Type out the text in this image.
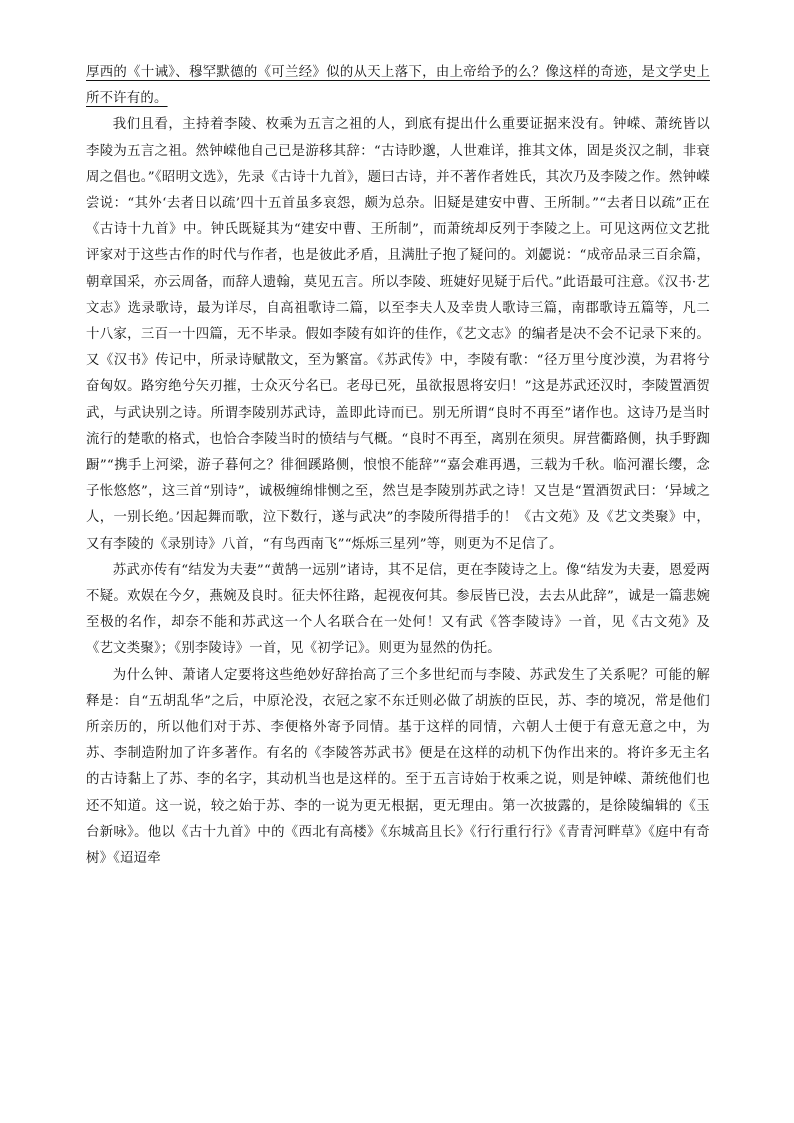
厚西的《十诫》、穆罕默德的《可兰经》似的从天上落下，由上帝给予的么？像这样的奇迹，是文学史上所不许有的。

我们且看，主持着李陵、枚乘为五言之祖的人，到底有提出什么重要证据来没有。钟嵘、萧统皆以李陵为五言之祖。然钟嵘他自己已是游移其辞：“古诗眇邈，人世难详，推其文体，固是炎汉之制，非衰周之倡也。”《昭明文选》，先录《古诗十九首》，题曰古诗，并不著作者姓氏，其次乃及李陵之作。然钟嵘尝说：“其外‘去者日以疏’四十五首虽多哀怨，颇为总杂。旧疑是建安中曹、王所制。”“去者日以疏”正在《古诗十九首》中。钟氏既疑其为“建安中曹、王所制”，而萧统却反列于李陵之上。可见这两位文艺批评家对于这些古作的时代与作者，也是彼此矛盾，且满肚子抱了疑问的。刘勰说：“成帝品录三百余篇，朝章国采，亦云周备，而辞人遗翰，莫见五言。所以李陵、班婕好见疑于后代。”此语最可注意。《汉书·艺文志》选录歌诗，最为详尽，自高祖歌诗二篇，以至李夫人及幸贵人歌诗三篇，南郡歌诗五篇等，凡二十八家，三百一十四篇，无不毕录。假如李陵有如许的佳作，《艺文志》的编者是决不会不记录下来的。又《汉书》传记中，所录诗赋散文，至为繁富。《苏武传》中，李陵有歌：“径万里兮度沙漠，为君将兮奋匈奴。路穷绝兮矢刃摧，士众灭兮名已。老母已死，虽欲报恩将安归！”这是苏武还汉时，李陵置酒贺武，与武诀别之诗。所谓李陵别苏武诗，盖即此诗而已。别无所谓“良时不再至”诸作也。这诗乃是当时流行的楚歌的格式，也恰合李陵当时的愤结与气概。“良时不再至，离别在须臾。屏营衢路侧，执手野踟蹰”“携手上河梁，游子暮何之？徘徊蹊路侧，悢悢不能辞”“嘉会难再遇，三载为千秋。临河濯长缨，念子怅悠悠”，这三首“别诗”，诚极缠绵悱恻之至，然岂是李陵别苏武之诗！又岂是“置酒贺武曰：‘异域之人，一别长绝。’因起舞而歌，泣下数行，遂与武决”的李陵所得措手的！《古文苑》及《艺文类聚》中，又有李陵的《录别诗》八首，“有鸟西南飞”“烁烁三星列”等，则更为不足信了。

苏武亦传有“结发为夫妻”“黄鹄一远别”诸诗，其不足信，更在李陵诗之上。像“结发为夫妻，恩爱两不疑。欢娱在今夕，燕婉及良时。征夫怀往路，起视夜何其。参辰皆已没，去去从此辞”，诚是一篇悲婉至极的名作，却奈不能和苏武这一个人名联合在一处何！又有武《答李陵诗》一首，见《古文苑》及《艺文类聚》；《别李陵诗》一首，见《初学记》。则更为显然的伪托。

为什么钟、萧诸人定要将这些绝妙好辞抬高了三个多世纪而与李陵、苏武发生了关系呢？可能的解释是：自“五胡乱华”之后，中原沦没，衣冠之家不东迁则必做了胡族的臣民，苏、李的境况，常是他们所亲历的，所以他们对于苏、李便格外寄予同情。基于这样的同情，六朝人士便于有意无意之中，为苏、李制造附加了许多著作。有名的《李陵答苏武书》便是在这样的动机下伪作出来的。将许多无主名的古诗黏上了苏、李的名字，其动机当也是这样的。至于五言诗始于枚乘之说，则是钟嵘、萧统他们也还不知道。这一说，较之始于苏、李的一说为更无根据，更无理由。第一次披露的，是徐陵编辑的《玉台新咏》。他以《古十九首》中的《西北有高楼》《东城高且长》《行行重行行》《青青河畔草》《庭中有奇树》《迢迢牵
